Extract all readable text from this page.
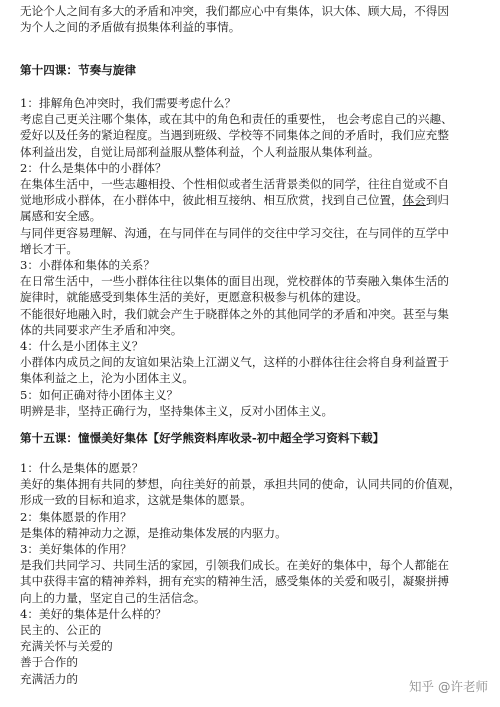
无论个人之间有多大的矛盾和冲突，我们都应心中有集体，识大体、顾大局，不得因
为个人之间的矛盾做有损集体利益的事情。
第十四课：节奏与旋律
1：排解角色冲突时，我们需要考虑什么？
考虑自己更关注哪个集体，或在其中的角色和责任的重要性， 也会考虑自己的兴趣、
爱好以及任务的紧迫程度。当遇到班级、学校等不同集体之间的矛盾时，我们应充整
体利益出发，自觉让局部利益服从整体利益，个人利益服从集体利益。
2：什么是集体中的小群体？
在集体生活中，一些志趣相投、个性相似或者生活背景类似的同学，往往自觉或不自
觉地形成小群体，在小群体中，彼此相互接纳、相互欣赏，找到自己位置，体会到归
属感和安全感。
与同伴更容易理解、沟通，在与同伴在与同伴的交往中学习交往，在与同伴的互学中
增长才干。
3：小群体和集体的关系？
在日常生活中，一些小群体往往以集体的面目出现，党校群体的节奏融入集体生活的
旋律时，就能感受到集体生活的美好，更愿意积极参与机体的建设。
不能很好地融入时，我们就会产生于晓群体之外的其他同学的矛盾和冲突。甚至与集
体的共同要求产生矛盾和冲突。
4：什么是小团体主义？
小群体内成员之间的友谊如果沾染上江湖义气，这样的小群体往往会将自身利益置于
集体利益之上，沦为小团体主义。
5：如何正确对待小团体主义？
明辨是非，坚持正确行为，坚持集体主义，反对小团体主义。
第十五课：憧憬美好集体【好学熊资料库收录-初中超全学习资料下载】
1：什么是集体的愿景？
美好的集体拥有共同的梦想，向往美好的前景，承担共同的使命，认同共同的价值观，
形成一致的目标和追求，这就是集体的愿景。
2：集体愿景的作用？
是集体的精神动力之源，是推动集体发展的内驱力。
3：美好集体的作用？
是我们共同学习、共同生活的家园，引领我们成长。在美好的集体中，每个人都能在
其中获得丰富的精神养料，拥有充实的精神生活，感受集体的关爱和吸引，凝聚拼搏
向上的力量，坚定自己的生活信念。
4：美好的集体是什么样的？
民主的、公正的
充满关怀与关爱的
善于合作的
充满活力的
知乎 @许老师
